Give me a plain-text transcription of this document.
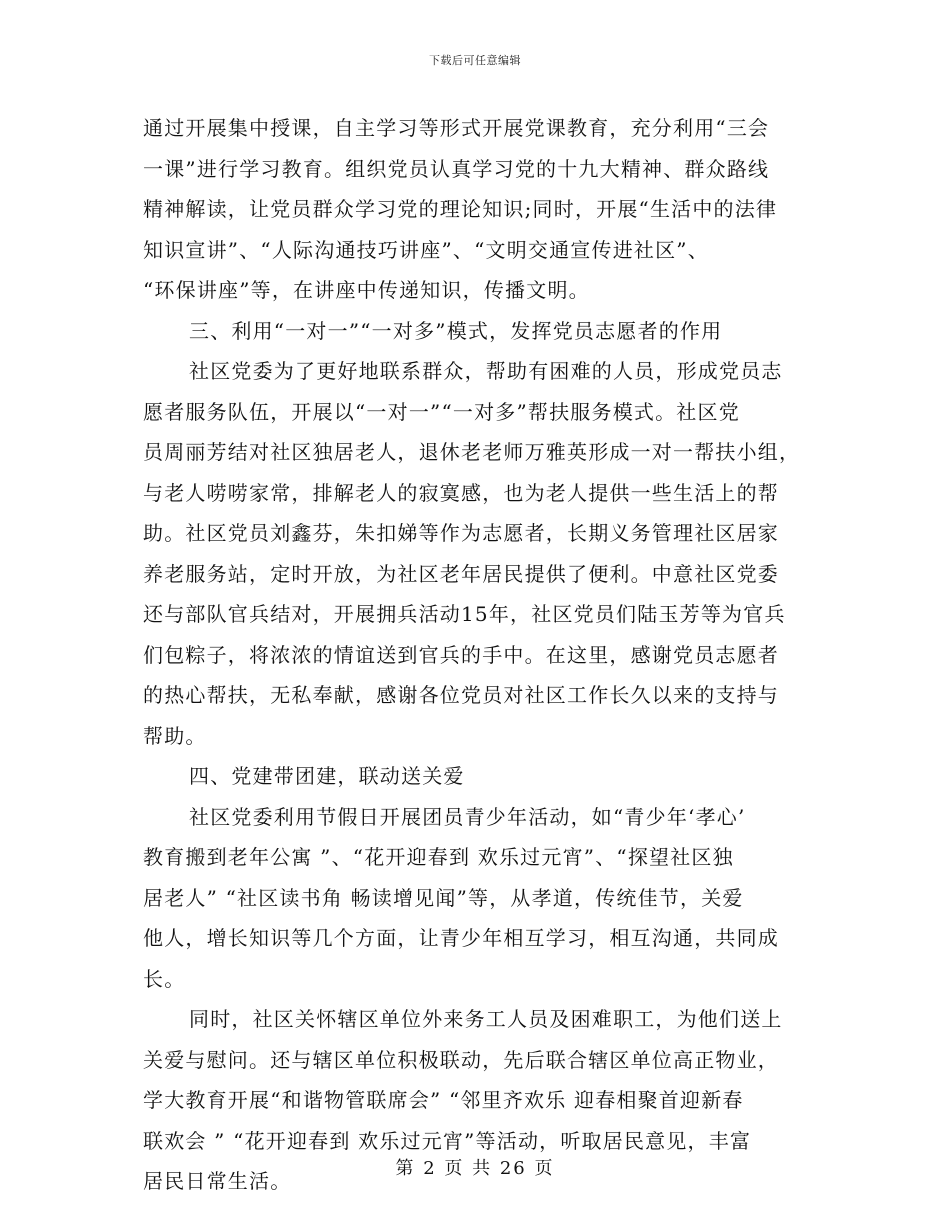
下载后可任意编辑
通过开展集中授课，自主学习等形式开展党课教育，充分利用“三会
一课”进行学习教育。组织党员认真学习党的十九大精神、群众路线
精神解读，让党员群众学习党的理论知识;同时，开展“生活中的法律
知识宣讲”、“人际沟通技巧讲座”、“文明交通宣传进社区”、
“环保讲座”等，在讲座中传递知识，传播文明。
三、利用“一对一”“一对多”模式，发挥党员志愿者的作用
社区党委为了更好地联系群众，帮助有困难的人员，形成党员志
愿者服务队伍，开展以“一对一”“一对多”帮扶服务模式。社区党
员周丽芳结对社区独居老人，退休老老师万雅英形成一对一帮扶小组，
与老人唠唠家常，排解老人的寂寞感，也为老人提供一些生活上的帮
助。社区党员刘鑫芬，朱扣娣等作为志愿者，长期义务管理社区居家
养老服务站，定时开放，为社区老年居民提供了便利。中意社区党委
还与部队官兵结对，开展拥兵活动15年，社区党员们陆玉芳等为官兵
们包粽子，将浓浓的情谊送到官兵的手中。在这里，感谢党员志愿者
的热心帮扶，无私奉献，感谢各位党员对社区工作长久以来的支持与
帮助。
四、党建带团建，联动送关爱
社区党委利用节假日开展团员青少年活动，如“青少年‘孝心’
教育搬到老年公寓 ”、“花开迎春到 欢乐过元宵”、“探望社区独
居老人” “社区读书角 畅读增见闻”等，从孝道，传统佳节，关爱
他人，增长知识等几个方面，让青少年相互学习，相互沟通，共同成
长。
同时，社区关怀辖区单位外来务工人员及困难职工，为他们送上
关爱与慰问。还与辖区单位积极联动，先后联合辖区单位高正物业，
学大教育开展“和谐物管联席会” “邻里齐欢乐 迎春相聚首迎新春
联欢会 ” “花开迎春到 欢乐过元宵”等活动，听取居民意见，丰富
居民日常生活。
第 2 页 共 26 页
